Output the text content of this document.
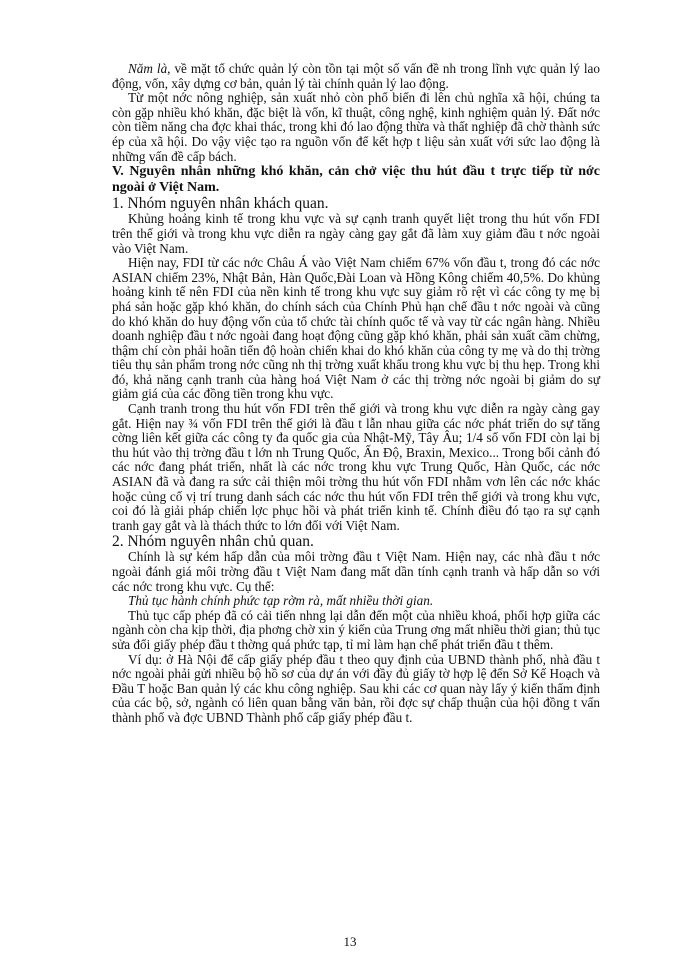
Năm là, về mặt tổ chức quản lý còn tồn tại một số vấn đề nh trong lĩnh vực quản lý lao động, vốn, xây dựng cơ bản, quản lý tài chính quản lý lao động.

Từ một nớc nông nghiệp, sản xuất nhỏ còn phổ biến đi lên chủ nghĩa xã hội, chúng ta còn gặp nhiều khó khăn, đặc biệt là vốn, kĩ thuật, công nghệ, kinh nghiệm quản lý. Đất nớc còn tiềm năng cha đợc khai thác, trong khi đó lao động thừa và thất nghiệp đã chờ thành sức ép của xã hội. Do vậy việc tạo ra nguồn vốn để kết hợp t liệu sản xuất với sức lao động là những vấn đề cấp bách.

V. Nguyên nhân những khó khăn, cản chở việc thu hút đầu t trực tiếp từ nớc ngoài ở Việt Nam.
1. Nhóm nguyên nhân khách quan.

Khủng hoảng kinh tế trong khu vực và sự cạnh tranh quyết liệt trong thu hút vốn FDI trên thế giới và trong khu vực diễn ra ngày càng gay gắt đã làm xuy giảm đầu t nớc ngoài vào Việt Nam.

Hiện nay, FDI từ các nớc Châu Á vào Việt Nam chiếm 67% vốn đầu t, trong đó các nớc ASIAN chiếm 23%, Nhật Bản, Hàn Quốc,Đài Loan và Hồng Kông chiếm 40,5%. Do khủng hoảng kinh tế nên FDI của nền kinh tế trong khu vực suy giảm rõ rệt vì các công ty mẹ bị phá sản hoặc gặp khó khăn, do chính sách của Chính Phủ hạn chế đầu t nớc ngoài và cũng do khó khăn do huy động vốn của tổ chức tài chính quốc tế và vay từ các ngân hàng. Nhiều doanh nghiệp đầu t nớc ngoài đang hoạt động cũng gặp khó khăn, phải sản xuất cầm chừng, thậm chí còn phải hoãn tiến độ hoàn chiến khai do khó khăn của công ty mẹ và do thị trờng tiêu thụ sản phẩm trong nớc cũng nh thị trờng xuất khẩu trong khu vực bị thu hẹp. Trong khi đó, khả năng cạnh tranh của hàng hoá Việt Nam ở các thị trờng nớc ngoài bị giảm do sự giảm giá của các đồng tiền trong khu vực.

Cạnh tranh trong thu hút vốn FDI trên thế giới và trong khu vực diễn ra ngày càng gay gắt. Hiện nay ¾ vốn FDI trên thế giới là đầu t lẫn nhau giữa các nớc phát triển do sự tăng cờng liên kết giữa các công ty đa quốc gia của Nhật-Mỹ, Tây Âu; 1/4 số vốn FDI còn lại bị thu hút vào thị trờng đầu t lớn nh Trung Quốc, Ấn Độ, Braxin, Mexico... Trong bối cảnh đó các nớc đang phát triển, nhất là các nớc trong khu vực Trung Quốc, Hàn Quốc, các nớc ASIAN đã và đang ra sức cải thiện môi trờng thu hút vốn FDI nhằm vơn lên các nớc khác hoặc củng cố vị trí trung danh sách các nớc thu hút vốn FDI trên thế giới và trong khu vực, coi đó là giải pháp chiến lợc phục hồi và phát triển kinh tế. Chính điều đó tạo ra sự cạnh tranh gay gắt và là thách thức to lớn đối với Việt Nam.

2. Nhóm nguyên nhân chủ quan.

Chính là sự kém hấp dẫn của môi trờng đầu t Việt Nam. Hiện nay, các nhà đầu t nớc ngoài đánh giá môi trờng đầu t Việt Nam đang mất dần tính cạnh tranh và hấp dẫn so với các nớc trong khu vực. Cụ thể:

Thủ tục hành chính phức tạp rờm rà, mất nhiều thời gian.

Thủ tục cấp phép đã có cải tiến nhng lại dẫn đến một của nhiều khoá, phối hợp giữa các ngành còn cha kịp thời, địa phơng chờ xin ý kiến của Trung ơng mất nhiều thời gian; thủ tục sửa đổi giấy phép đầu t thờng quá phức tạp, tỉ mỉ làm hạn chế phát triển đầu t thêm.

Ví dụ: ở Hà Nội để cấp giấy phép đầu t theo quy định của UBND thành phố, nhà đầu t nớc ngoài phải gửi nhiều bộ hồ sơ của dự án với đầy đủ giấy tờ hợp lệ đến Sở Kế Hoạch và Đầu T hoặc Ban quản lý các khu công nghiệp. Sau khi các cơ quan này lấy ý kiến thẩm định của các bộ, sở, ngành có liên quan bằng văn bản, rồi đợc sự chấp thuận của hội đồng t vấn thành phố và đợc UBND Thành phố cấp giấy phép đầu t.

13
